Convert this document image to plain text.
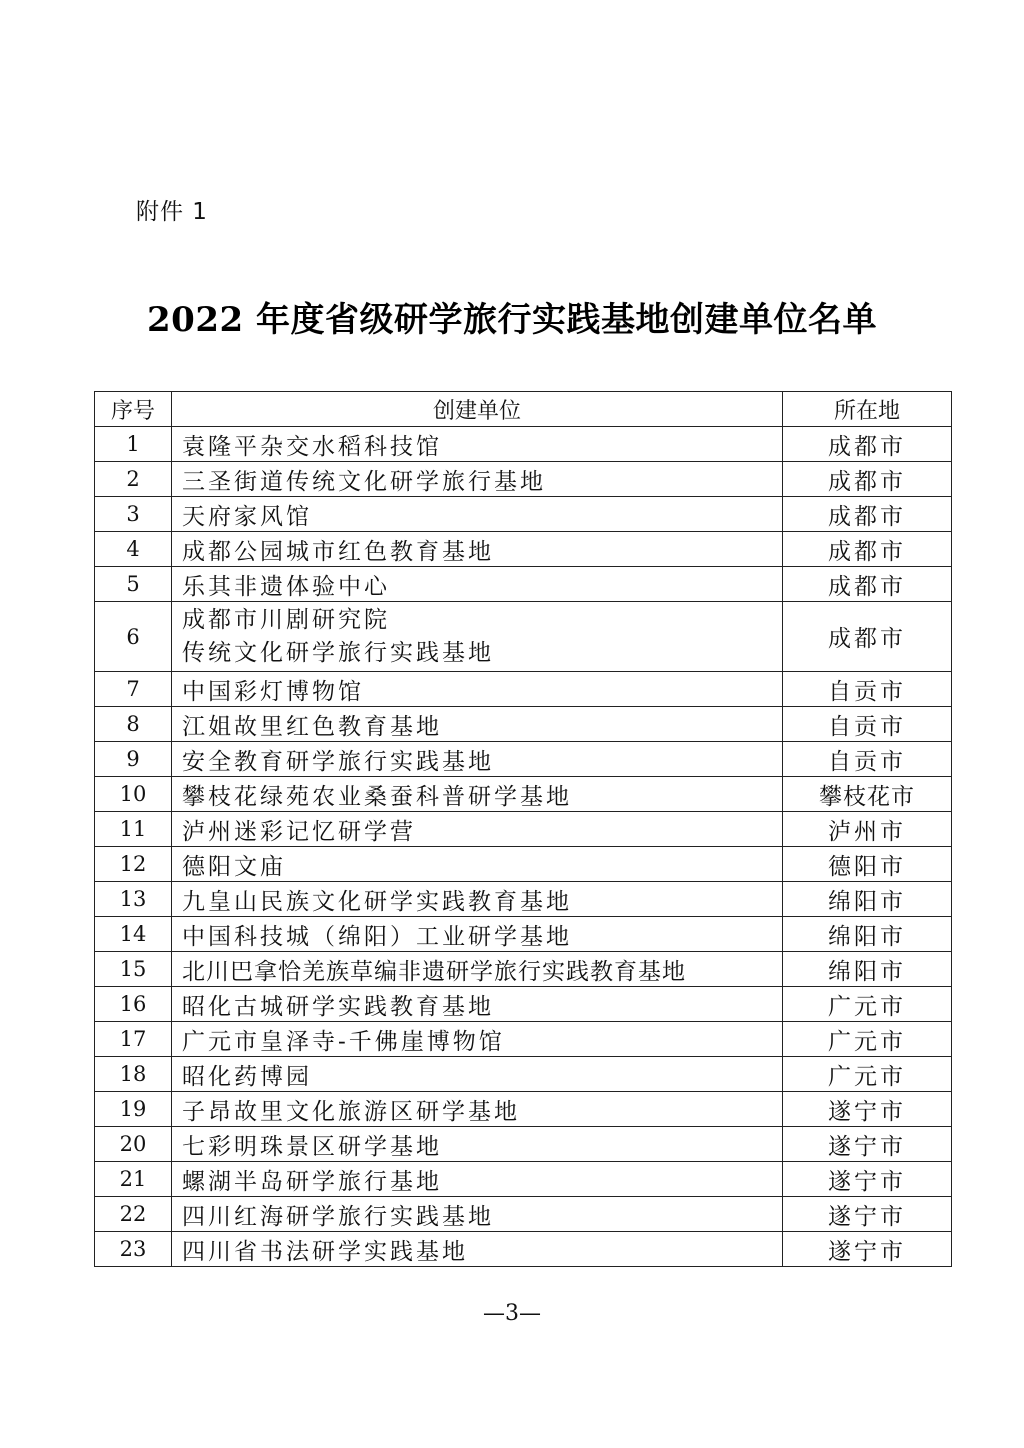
附件 1
2022 年度省级研学旅行实践基地创建单位名单
序号	创建单位	所在地
1	袁隆平杂交水稻科技馆	成都市
2	三圣街道传统文化研学旅行基地	成都市
3	天府家风馆	成都市
4	成都公园城市红色教育基地	成都市
5	乐其非遗体验中心	成都市
6	成都市川剧研究院
传统文化研学旅行实践基地	成都市
7	中国彩灯博物馆	自贡市
8	江姐故里红色教育基地	自贡市
9	安全教育研学旅行实践基地	自贡市
10	攀枝花绿苑农业桑蚕科普研学基地	攀枝花市
11	泸州迷彩记忆研学营	泸州市
12	德阳文庙	德阳市
13	九皇山民族文化研学实践教育基地	绵阳市
14	中国科技城（绵阳）工业研学基地	绵阳市
15	北川巴拿恰羌族草编非遗研学旅行实践教育基地	绵阳市
16	昭化古城研学实践教育基地	广元市
17	广元市皇泽寺-千佛崖博物馆	广元市
18	昭化药博园	广元市
19	子昂故里文化旅游区研学基地	遂宁市
20	七彩明珠景区研学基地	遂宁市
21	螺湖半岛研学旅行基地	遂宁市
22	四川红海研学旅行实践基地	遂宁市
23	四川省书法研学实践基地	遂宁市
—3—
